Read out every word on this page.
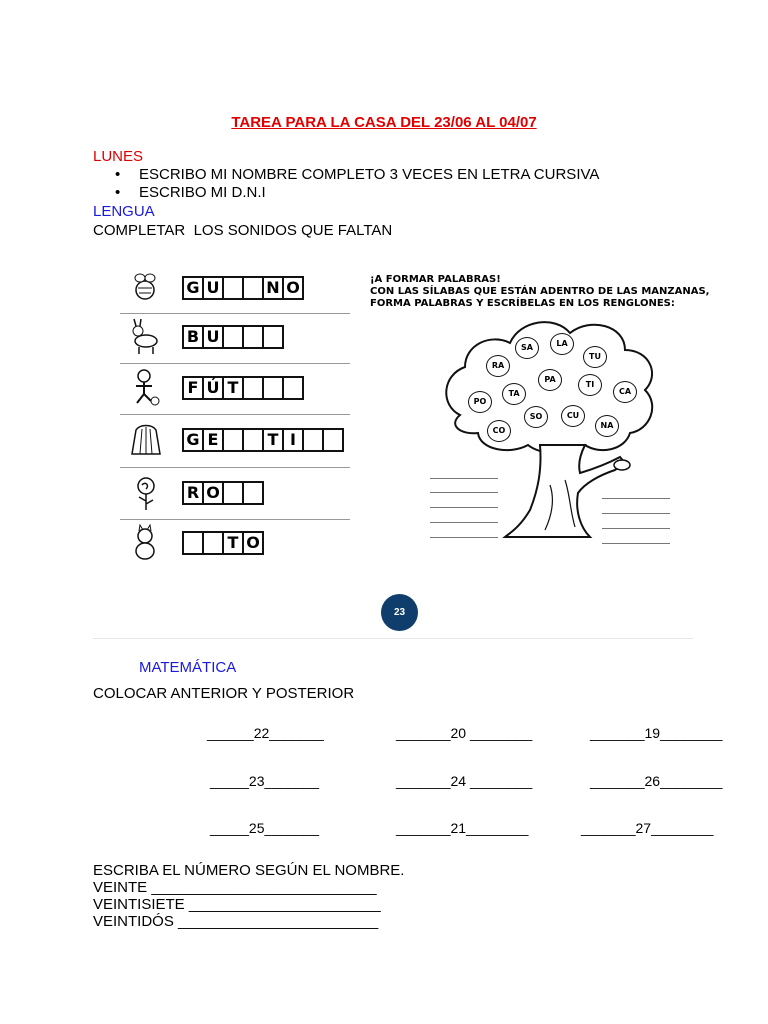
TAREA PARA LA CASA DEL 23/06 AL 04/07
LUNES
• ESCRIBO MI NOMBRE COMPLETO 3 VECES EN LETRA CURSIVA
• ESCRIBO MI D.N.I
LENGUA
COMPLETAR  LOS SONIDOS QUE FALTAN
G U	N O
B U
F Ú T
G E	T I
R O
T O
¡A FORMAR PALABRAS!
CON LAS SÍLABAS QUE ESTÁN ADENTRO DE LAS MANZANAS,
FORMA PALABRAS Y ESCRÍBELAS EN LOS RENGLONES:
SA	LA
TU
RA
PA
TI
CA
PO
TA
SO	CU
NA
CO
23
MATEMÁTICA
COLOCAR ANTERIOR Y POSTERIOR
______22_______	_______20 ________	_______19________
_____23_______	_______24 ________	_______26________
_____25_______	_______21________	_______27________
ESCRIBA EL NÚMERO SEGÚN EL NOMBRE.
VEINTE ___________________________
VEINTISIETE _______________________
VEINTIDÓS ________________________
